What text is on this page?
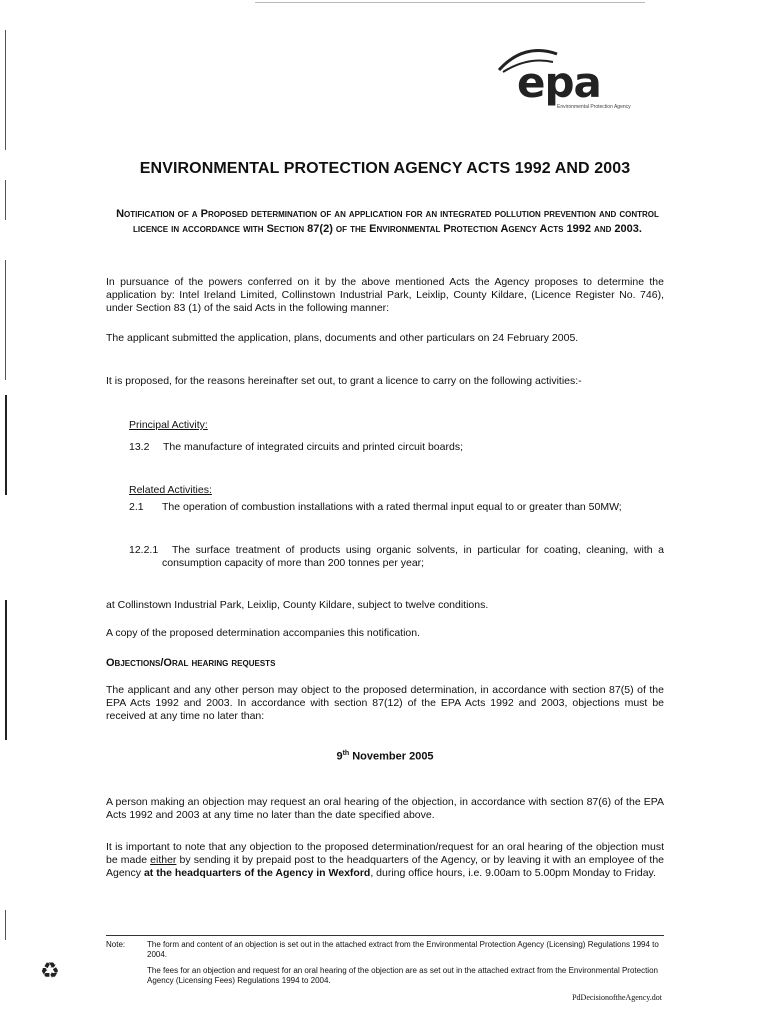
epa
Environmental Protection Agency
ENVIRONMENTAL PROTECTION AGENCY ACTS 1992 AND 2003
Notification of a Proposed determination of an application for an integrated pollution prevention and control licence in accordance with Section 87(2) of the Environmental Protection Agency Acts 1992 and 2003.
In pursuance of the powers conferred on it by the above mentioned Acts the Agency proposes to determine the application by: Intel Ireland Limited, Collinstown Industrial Park, Leixlip, County Kildare, (Licence Register No. 746), under Section 83 (1) of the said Acts in the following manner:
The applicant submitted the application, plans, documents and other particulars on 24 February 2005.
It is proposed, for the reasons hereinafter set out, to grant a licence to carry on the following activities:-
Principal Activity:
13.2 The manufacture of integrated circuits and printed circuit boards;
Related Activities:
2.1 The operation of combustion installations with a rated thermal input equal to or greater than 50MW;
12.2.1	The surface treatment of products using organic solvents, in particular for coating, cleaning, with a consumption capacity of more than 200 tonnes per year;
at Collinstown Industrial Park, Leixlip, County Kildare, subject to twelve conditions.
A copy of the proposed determination accompanies this notification.
Objections/Oral hearing requests
The applicant and any other person may object to the proposed determination, in accordance with section 87(5) of the EPA Acts 1992 and 2003. In accordance with section 87(12) of the EPA Acts 1992 and 2003, objections must be received at any time no later than:
9th November 2005
A person making an objection may request an oral hearing of the objection, in accordance with section 87(6) of the EPA Acts 1992 and 2003 at any time no later than the date specified above.
It is important to note that any objection to the proposed determination/request for an oral hearing of the objection must be made either by sending it by prepaid post to the headquarters of the Agency, or by leaving it with an employee of the Agency at the headquarters of the Agency in Wexford, during office hours, i.e. 9.00am to 5.00pm Monday to Friday.
Note:	The form and content of an objection is set out in the attached extract from the Environmental Protection Agency (Licensing) Regulations 1994 to 2004.
The fees for an objection and request for an oral hearing of the objection are as set out in the attached extract from the Environmental Protection Agency (Licensing Fees) Regulations 1994 to 2004.
PdDecisionoftheAgency.dot
♻
